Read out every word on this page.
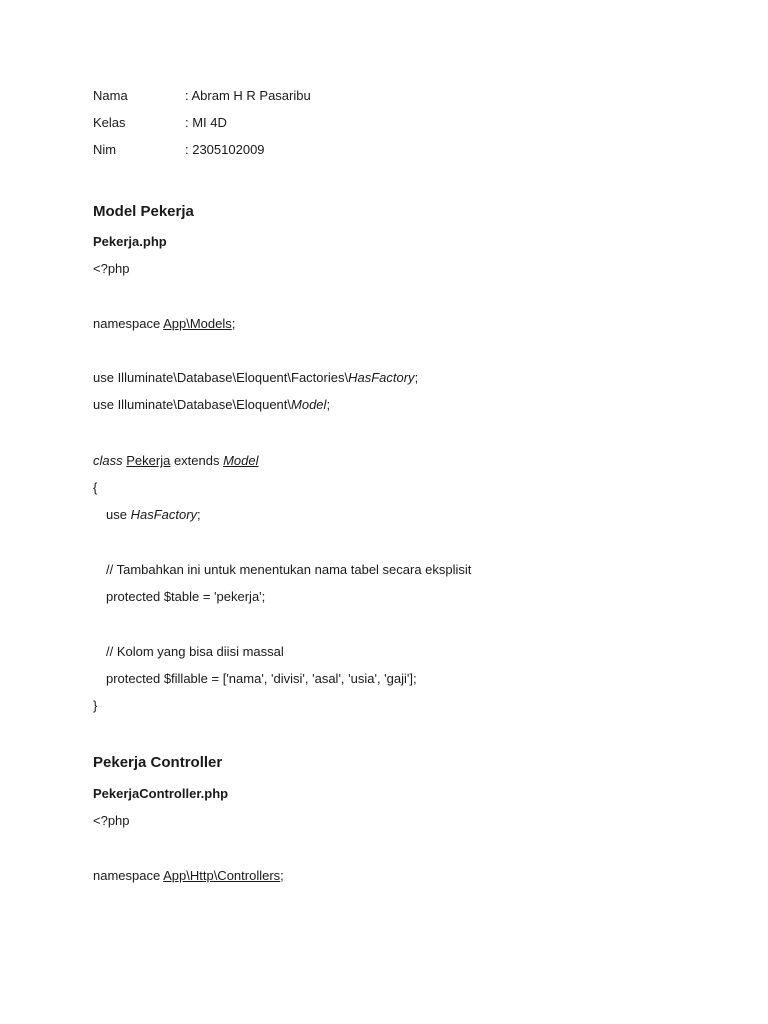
Nama	: Abram H R Pasaribu
Kelas	: MI 4D
Nim	: 2305102009
Model Pekerja
Pekerja.php
<?php
namespace App\Models;
use Illuminate\Database\Eloquent\Factories\HasFactory;
use Illuminate\Database\Eloquent\Model;
class Pekerja extends Model
{
use HasFactory;
// Tambahkan ini untuk menentukan nama tabel secara eksplisit
protected $table = 'pekerja';
// Kolom yang bisa diisi massal
protected $fillable = ['nama', 'divisi', 'asal', 'usia', 'gaji'];
}
Pekerja Controller
PekerjaController.php
<?php
namespace App\Http\Controllers;
